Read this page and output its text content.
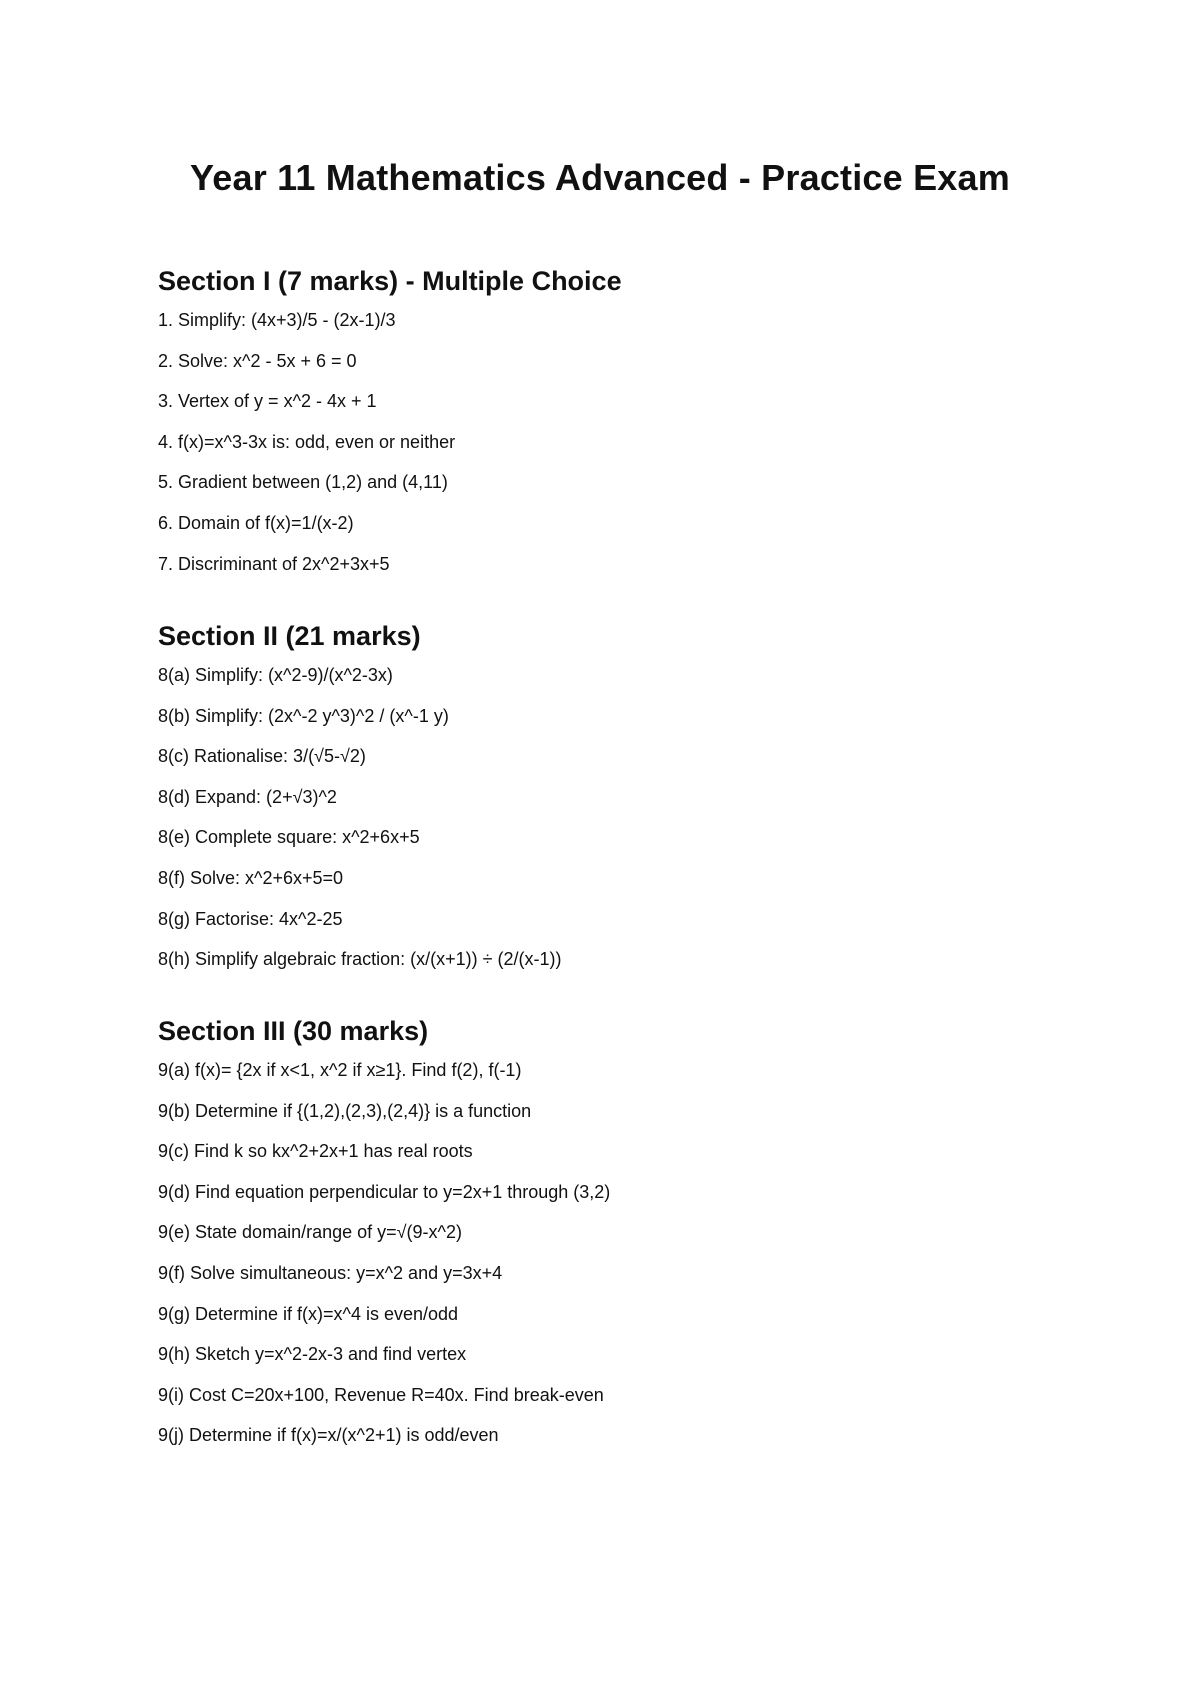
Year 11 Mathematics Advanced - Practice Exam
Section I (7 marks) - Multiple Choice

1. Simplify: (4x+3)/5 - (2x-1)/3

2. Solve: x^2 - 5x + 6 = 0

3. Vertex of y = x^2 - 4x + 1

4. f(x)=x^3-3x is: odd, even or neither

5. Gradient between (1,2) and (4,11)

6. Domain of f(x)=1/(x-2)

7. Discriminant of 2x^2+3x+5

Section II (21 marks)

8(a) Simplify: (x^2-9)/(x^2-3x)

8(b) Simplify: (2x^-2 y^3)^2 / (x^-1 y)

8(c) Rationalise: 3/(√5-√2)

8(d) Expand: (2+√3)^2

8(e) Complete square: x^2+6x+5

8(f) Solve: x^2+6x+5=0

8(g) Factorise: 4x^2-25

8(h) Simplify algebraic fraction: (x/(x+1)) ÷ (2/(x-1))

Section III (30 marks)

9(a) f(x)= {2x if x<1, x^2 if x≥1}. Find f(2), f(-1)

9(b) Determine if {(1,2),(2,3),(2,4)} is a function

9(c) Find k so kx^2+2x+1 has real roots

9(d) Find equation perpendicular to y=2x+1 through (3,2)

9(e) State domain/range of y=√(9-x^2)

9(f) Solve simultaneous: y=x^2 and y=3x+4

9(g) Determine if f(x)=x^4 is even/odd

9(h) Sketch y=x^2-2x-3 and find vertex

9(i) Cost C=20x+100, Revenue R=40x. Find break-even

9(j) Determine if f(x)=x/(x^2+1) is odd/even
